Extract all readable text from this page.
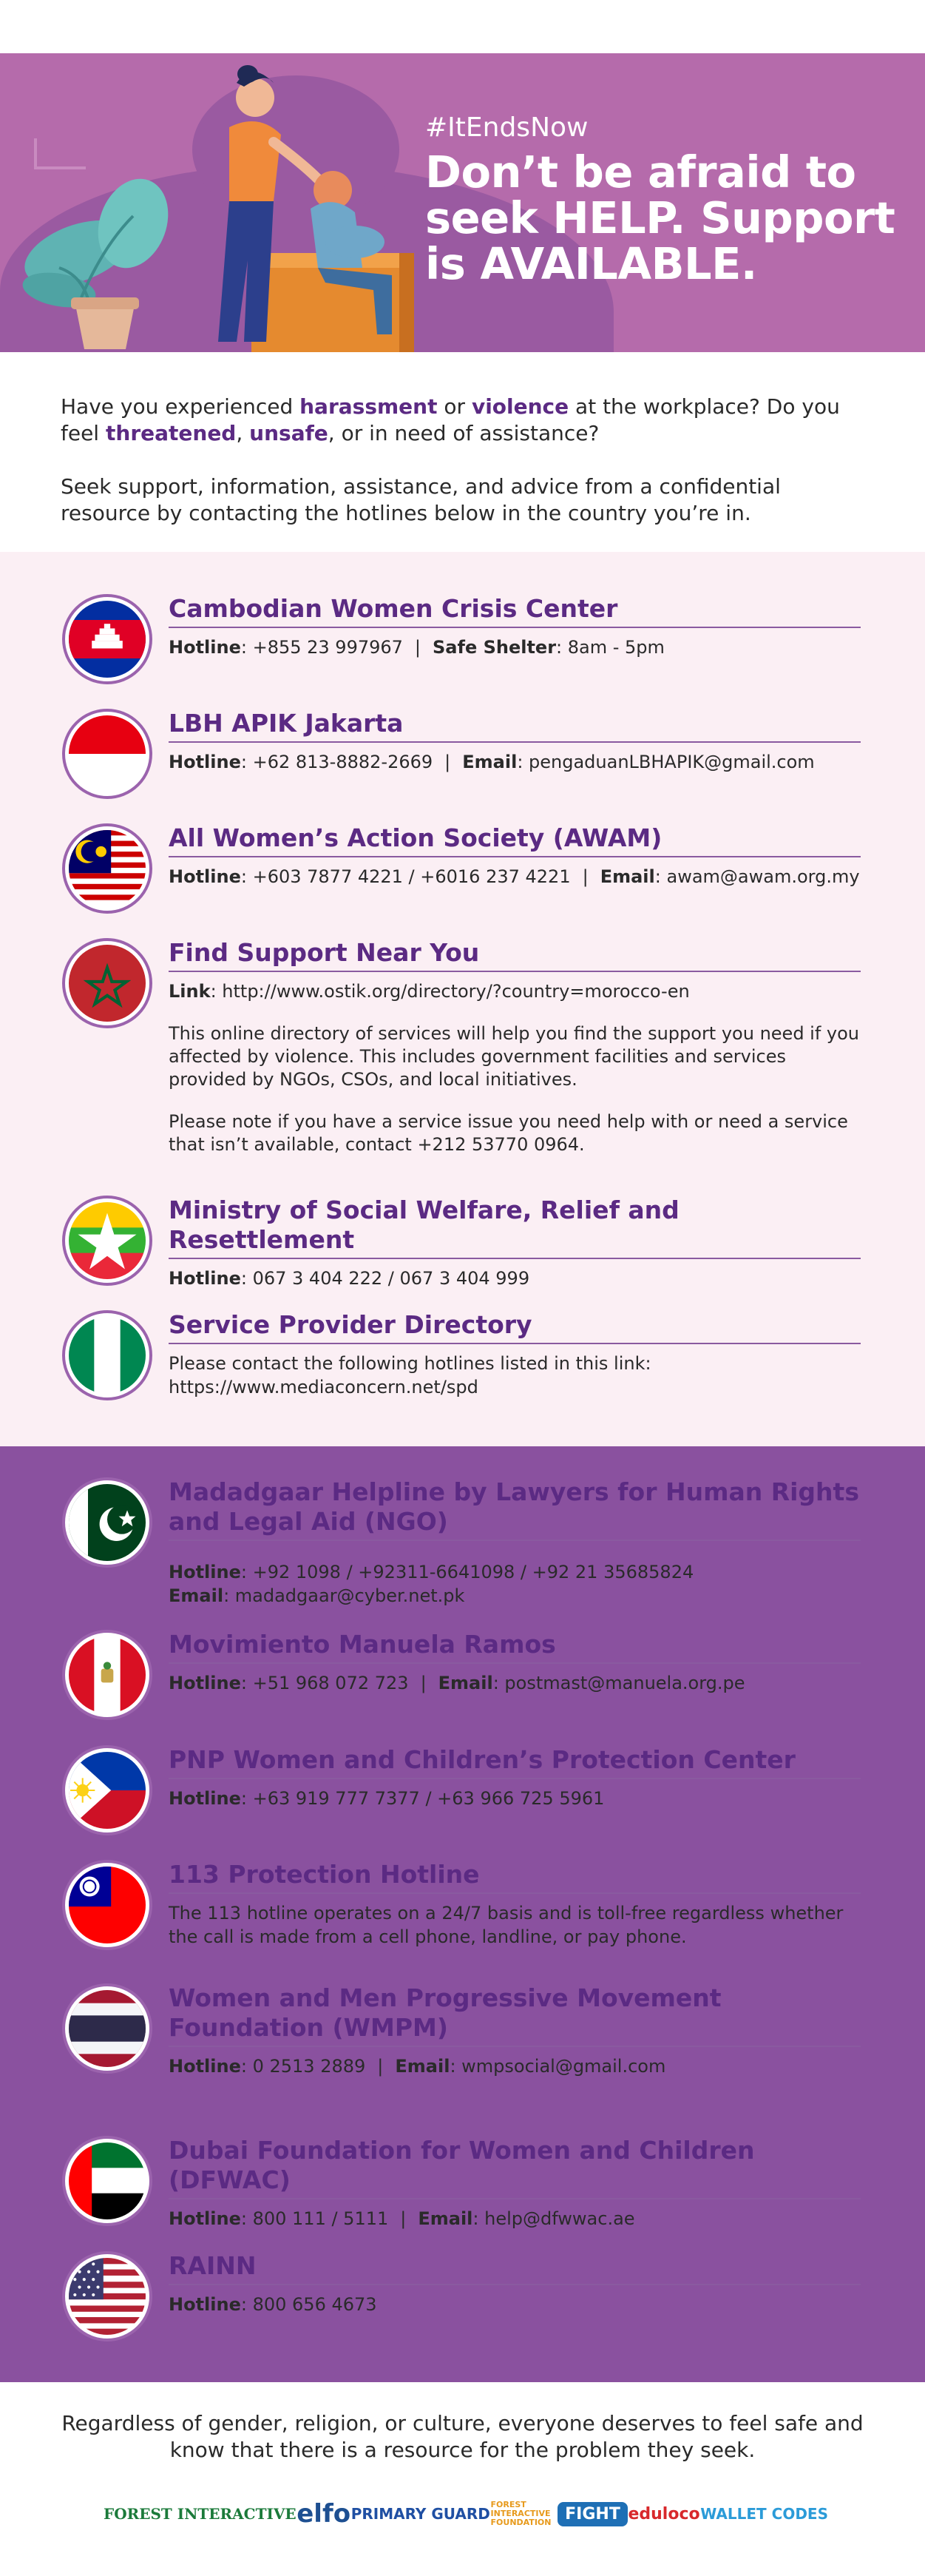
#ItEndsNow
Don’t be afraid to seek HELP. Support is AVAILABLE.

Have you experienced harassment or violence at the workplace? Do you feel threatened, unsafe, or in need of assistance?

Seek support, information, assistance, and advice from a confidential resource by contacting the hotlines below in the country you’re in.

Cambodian Women Crisis Center
Hotline: +855 23 997967 | Safe Shelter: 8am - 5pm
LBH APIK Jakarta
Hotline: +62 813-8882-2669 | Email: pengaduanLBHAPIK@gmail.com
All Women’s Action Society (AWAM)
Hotline: +603 7877 4221 / +6016 237 4221 | Email: awam@awam.org.my
Find Support Near You
Link: http://www.ostik.org/directory/?country=morocco-en
This online directory of services will help you find the support you need if you affected by violence. This includes government facilities and services provided by NGOs, CSOs, and local initiatives.
Please note if you have a service issue you need help with or need a service that isn’t available, contact +212 53770 0964.
Ministry of Social Welfare, Relief and Resettlement
Hotline: 067 3 404 222 / 067 3 404 999
Service Provider Directory
Please contact the following hotlines listed in this link: https://www.mediaconcern.net/spd
Madadgaar Helpline by Lawyers for Human Rights and Legal Aid (NGO)
Hotline: +92 1098 / +92311-6641098 / +92 21 35685824
Email: madadgaar@cyber.net.pk
Movimiento Manuela Ramos
Hotline: +51 968 072 723 | Email: postmast@manuela.org.pe
PNP Women and Children’s Protection Center
Hotline: +63 919 777 7377 / +63 966 725 5961
113 Protection Hotline
The 113 hotline operates on a 24/7 basis and is toll-free regardless whether the call is made from a cell phone, landline, or pay phone.
Women and Men Progressive Movement Foundation (WMPM)
Hotline: 0 2513 2889 | Email: wmpsocial@gmail.com
Dubai Foundation for Women and Children (DFWAC)
Hotline: 800 111 / 5111 | Email: help@dfwwac.ae
RAINN
Hotline: 800 656 4673
Regardless of gender, religion, or culture, everyone deserves to feel safe and know that there is a resource for the problem they seek.
FOREST INTERACTIVE elfo PRIMARY GUARD
FOREST INTERACTIVE FOUNDATION FIGHT eduloco WALLET CODES
